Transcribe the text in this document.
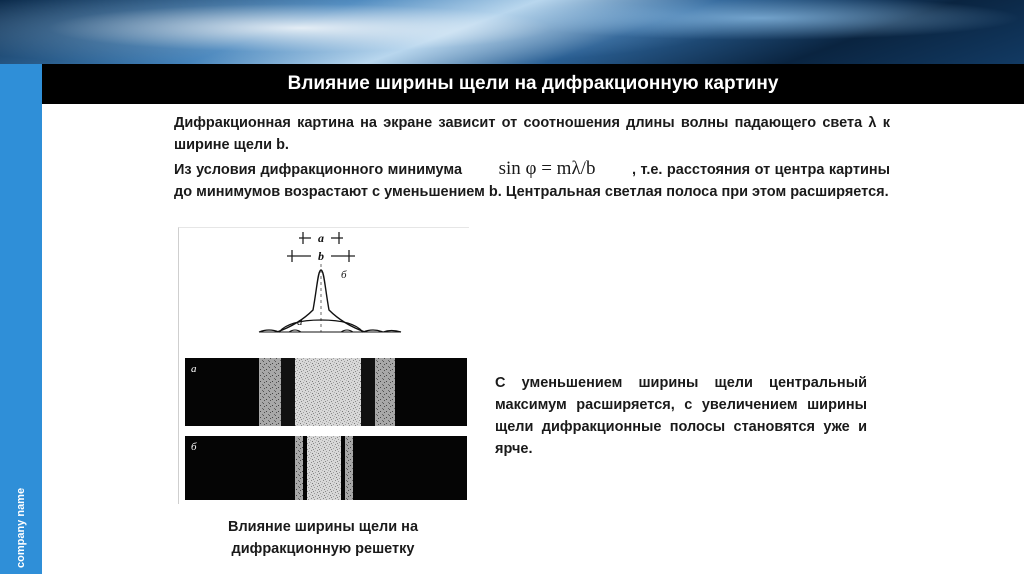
company name
Влияние ширины щели на дифракционную картину
Дифракционная картина на экране зависит от соотношения длины волны падающего света λ к ширине щели b.
Из условия дифракционного минимума sin φ = mλ/b	, т.е. расстояния от центра картины до минимумов возрастают с уменьшением b. Центральная светлая полоса при этом расширяется.
a
b
б
a
а
б
Влияние ширины щели на дифракционную решетку
С уменьшением ширины щели центральный максимум расширяется, с увеличением ширины щели дифракционные полосы становятся уже и ярче.
